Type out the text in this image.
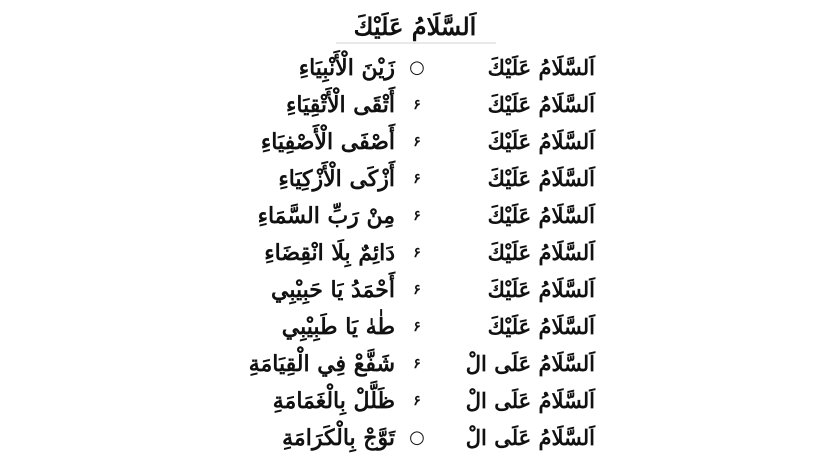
اَلسَّلَامُ عَلَيْكَ
اَلسَّلَامُ عَلَيْكَ
○
زَيْنَ الْأَنْبِيَاءِ
اَلسَّلَامُ عَلَيْكَ
۶
أَتْقَى الْأَتْقِيَاءِ
اَلسَّلَامُ عَلَيْكَ
۶
أَصْفَى الْأَصْفِيَاءِ
اَلسَّلَامُ عَلَيْكَ
۶
أَزْكَى الْأَزْكِيَاءِ
اَلسَّلَامُ عَلَيْكَ
۶
مِنْ رَبِّ السَّمَاءِ
اَلسَّلَامُ عَلَيْكَ
۶
دَائِمٌ بِلَا انْقِضَاءِ
اَلسَّلَامُ عَلَيْكَ
۶
أَحْمَدُ يَا حَبِيْبِي
اَلسَّلَامُ عَلَيْكَ
۶
طٰهٰ يَا طَبِيْبِي
اَلسَّلَامُ عَلَى الْ
۶
شَفَّعْ فِي الْقِيَامَةِ
اَلسَّلَامُ عَلَى الْ
۶
ظَلَّلْ بِالْغَمَامَةِ
اَلسَّلَامُ عَلَى الْ
○
تَوَّجْ بِالْكَرَامَةِ
